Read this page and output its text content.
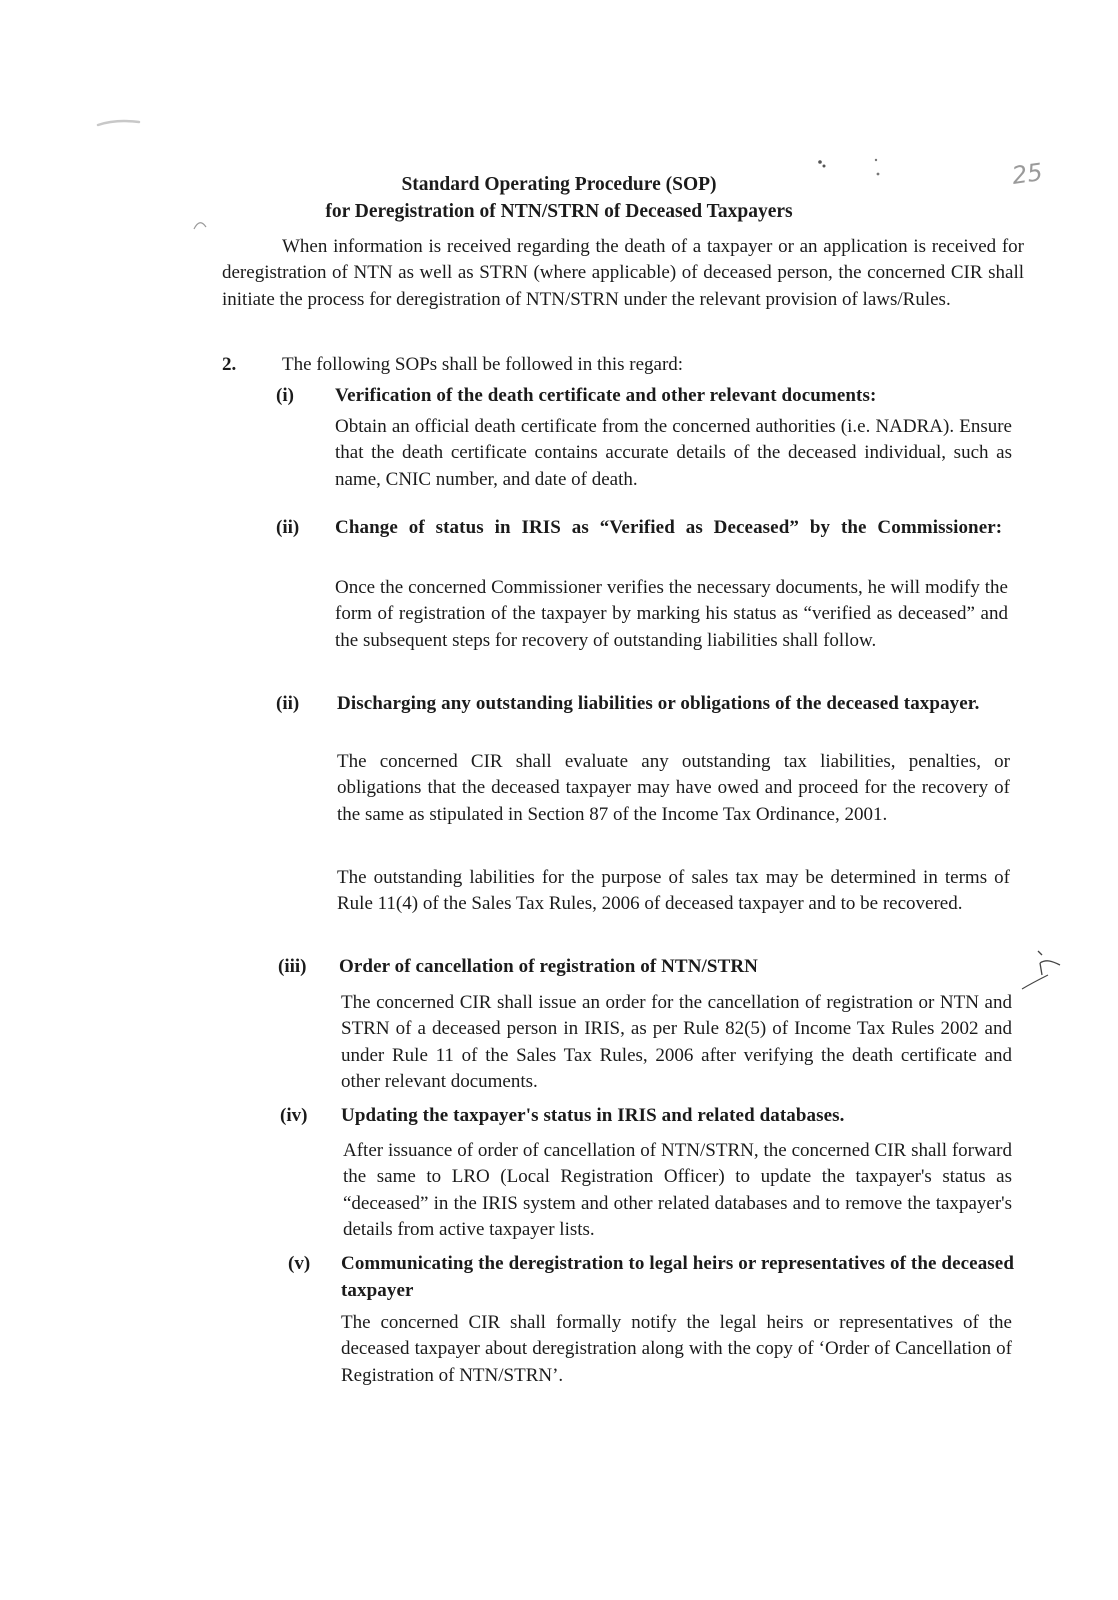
25
Standard Operating Procedure (SOP)
for Deregistration of NTN/STRN of Deceased Taxpayers

When information is received regarding the death of a taxpayer or an application is received for deregistration of NTN as well as STRN (where applicable) of deceased person, the concerned CIR shall initiate the process for deregistration of NTN/STRN under the relevant provision of laws/Rules.

2. The following SOPs shall be followed in this regard:
(i)	Verification of the death certificate and other relevant documents:

Obtain an official death certificate from the concerned authorities (i.e. NADRA). Ensure that the death certificate contains accurate details of the deceased individual, such as name, CNIC number, and date of death.

(ii)	Change of status in IRIS as “Verified as Deceased” by the Commissioner:

Once the concerned Commissioner verifies the necessary documents, he will modify the form of registration of the taxpayer by marking his status as “verified as deceased” and the subsequent steps for recovery of outstanding liabilities shall follow.

(ii)	Discharging any outstanding liabilities or obligations of the deceased taxpayer.

The concerned CIR shall evaluate any outstanding tax liabilities, penalties, or obligations that the deceased taxpayer may have owed and proceed for the recovery of the same as stipulated in Section 87 of the Income Tax Ordinance, 2001.

The outstanding labilities for the purpose of sales tax may be determined in terms of Rule 11(4) of the Sales Tax Rules, 2006 of deceased taxpayer and to be recovered.

(iii)	Order of cancellation of registration of NTN/STRN

The concerned CIR shall issue an order for the cancellation of registration or NTN and STRN of a deceased person in IRIS, as per Rule 82(5) of Income Tax Rules 2002 and under Rule 11 of the Sales Tax Rules, 2006 after verifying the death certificate and other relevant documents.

(iv)	Updating the taxpayer's status in IRIS and related databases.

After issuance of order of cancellation of NTN/STRN, the concerned CIR shall forward the same to LRO (Local Registration Officer) to update the taxpayer's status as “deceased” in the IRIS system and other related databases and to remove the taxpayer's details from active taxpayer lists.

(v)	Communicating the deregistration to legal heirs or representatives of the deceased taxpayer

The concerned CIR shall formally notify the legal heirs or representatives of the deceased taxpayer about deregistration along with the copy of ‘Order of Cancellation of Registration of NTN/STRN’.
